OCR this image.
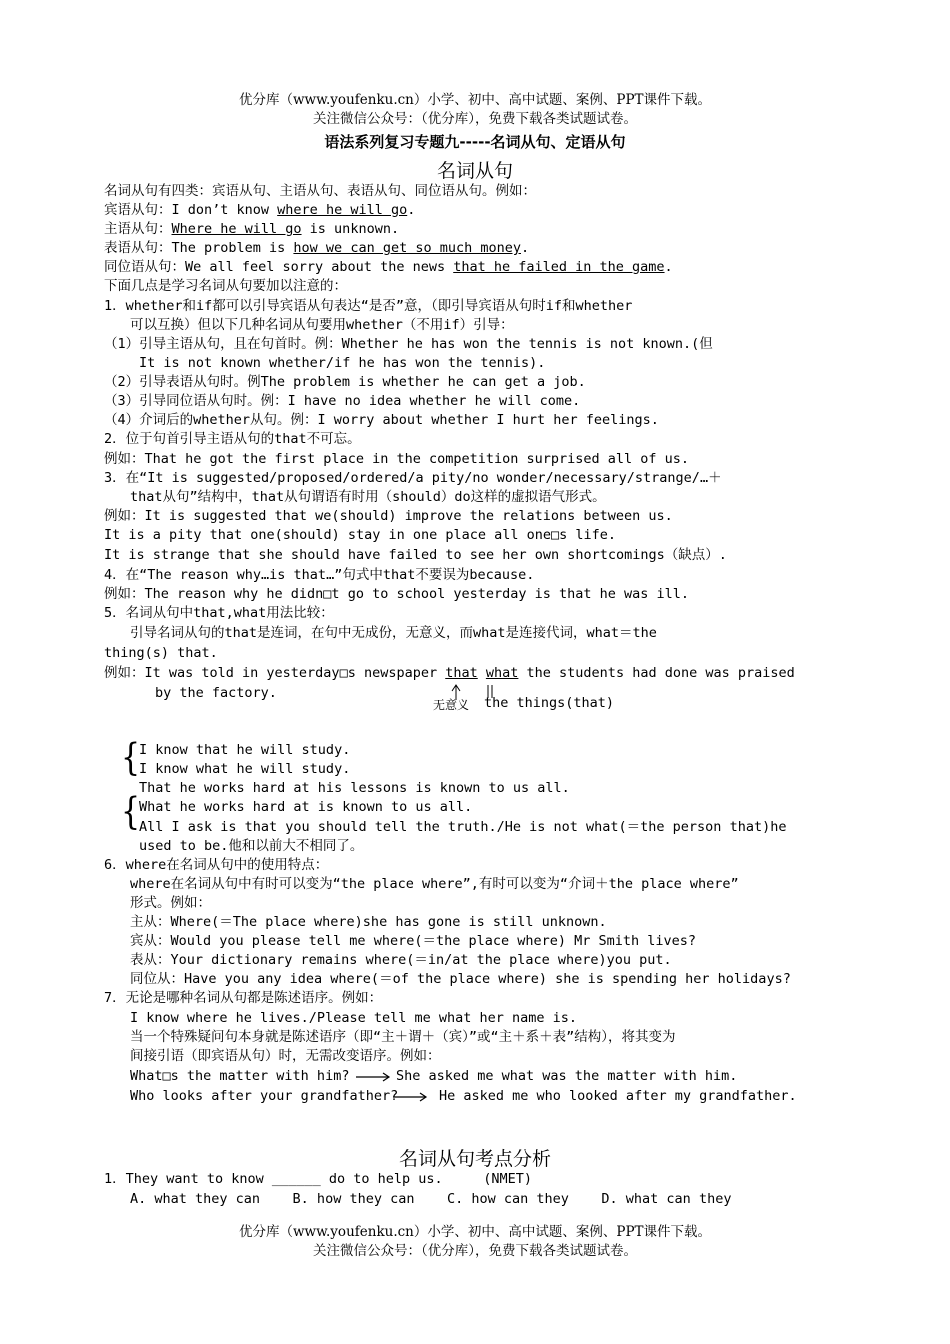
优分库（www.youfenku.cn）小学、初中、高中试题、案例、PPT课件下载。
关注微信公众号：（优分库），免费下载各类试题试卷。
语法系列复习专题九-----名词从句、定语从句
名词从句
名词从句有四类：宾语从句、主语从句、表语从句、同位语从句。例如：
宾语从句：I don’t know where he will go.
主语从句：Where he will go is unknown.
表语从句：The problem is how we can get so much money.
同位语从句：We all feel sorry about the news that he failed in the game.
下面几点是学习名词从句要加以注意的：
1．whether和if都可以引导宾语从句表达“是否”意，（即引导宾语从句时if和whether
可以互换）但以下几种名词从句要用whether（不用if）引导：
（1）引导主语从句，且在句首时。例：Whether he has won the tennis is not known.(但
It is not known whether/if he has won the tennis).
（2）引导表语从句时。例The problem is whether he can get a job.
（3）引导同位语从句时。例：I have no idea whether he will come.
（4）介词后的whether从句。例：I worry about whether I hurt her feelings.
2．位于句首引导主语从句的that不可忘。
例如：That he got the first place in the competition surprised all of us.
3．在“It is suggested/proposed/ordered/a pity/no wonder/necessary/strange/…＋
that从句”结构中，that从句谓语有时用（should）do这样的虚拟语气形式。
例如：It is suggested that we(should) improve the relations between us.
It is a pity that one(should) stay in one place all one□s life.
It is strange that she should have failed to see her own shortcomings（缺点）.
4．在“The reason why…is that…”句式中that不要误为because.
例如：The reason why he didn□t go to school yesterday is that he was ill.
5．名词从句中that,what用法比较：
引导名词从句的that是连词，在句中无成份，无意义，而what是连接代词，what＝the
thing(s) that.
例如：It was told in yesterday□s newspaper that what the students had done was praised
by the factory.
无意义 the things(that)
{
I know that he will study.
I know what he will study.
{
That he works hard at his lessons is known to us all.
What he works hard at is known to us all.
All I ask is that you should tell the truth./He is not what(＝the person that)he
used to be.他和以前大不相同了。
6．where在名词从句中的使用特点：
where在名词从句中有时可以变为“the place where”,有时可以变为“介词＋the place where”
形式。例如：
主从：Where(＝The place where)she has gone is still unknown.
宾从：Would you please tell me where(＝the place where) Mr Smith lives?
表从：Your dictionary remains where(＝in/at the place where)you put.
同位从：Have you any idea where(＝of the place where) she is spending her holidays?
7．无论是哪种名词从句都是陈述语序。例如：
I know where he lives./Please tell me what her name is.
当一个特殊疑问句本身就是陈述语序（即“主＋谓＋（宾）”或“主＋系＋表”结构），将其变为
间接引语（即宾语从句）时，无需改变语序。例如：
What□s the matter with him?	She asked me what was the matter with him.
Who looks after your grandfather?	He asked me who looked after my grandfather.
名词从句考点分析
1．They want to know ______ do to help us.     (NMET)
A. what they can    B. how they can    C. how can they    D. what can they
优分库（www.youfenku.cn）小学、初中、高中试题、案例、PPT课件下载。
关注微信公众号：（优分库），免费下载各类试题试卷。
